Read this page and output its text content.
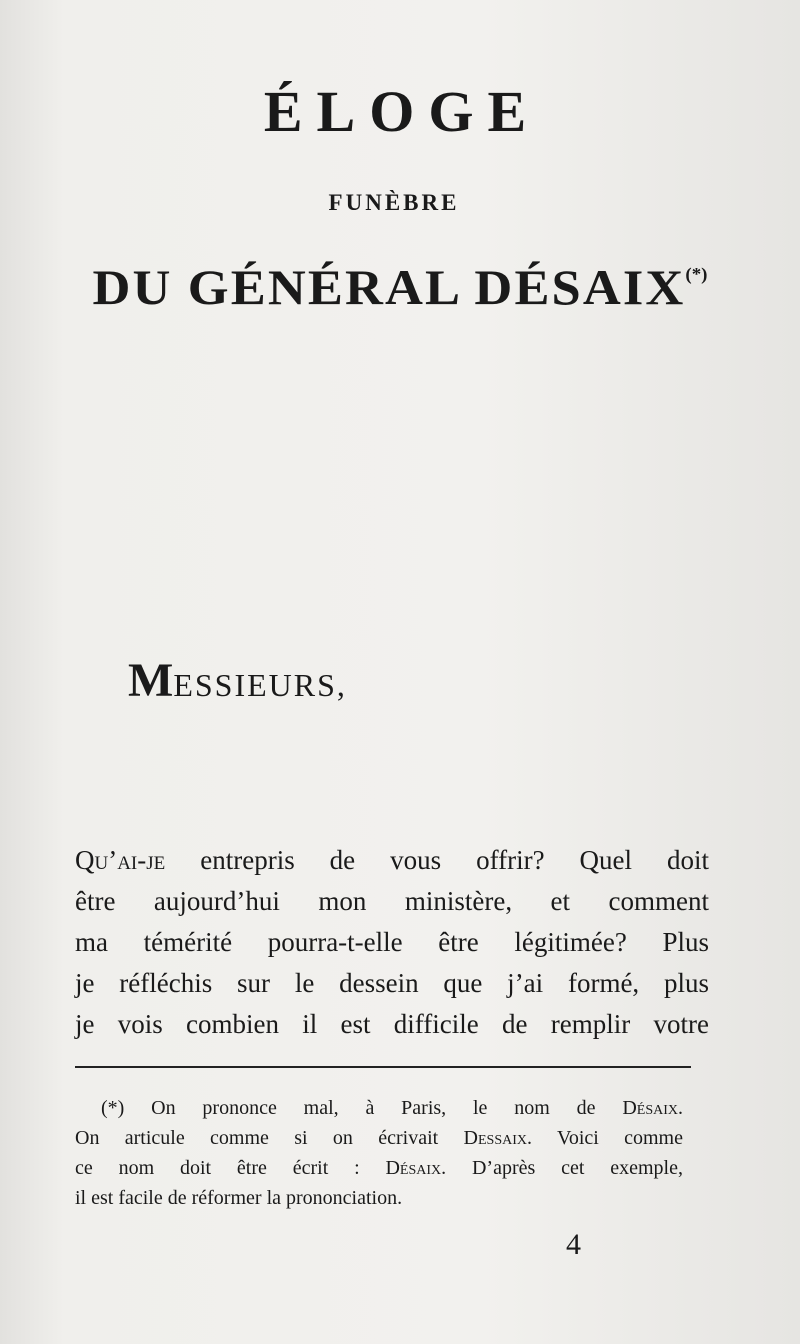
ÉLOGE
FUNÈBRE
DU GÉNÉRAL DÉSAIX(*)
MESSIEURS,
Qu’ai-je entrepris de vous offrir? Quel doit
être aujourd’hui mon ministère, et comment
ma témérité pourra-t-elle être légitimée? Plus
je réfléchis sur le dessein que j’ai formé, plus
je vois combien il est difficile de remplir votre
(*) On prononce mal, à Paris, le nom de Désaix.
On articule comme si on écrivait Dessaix. Voici comme
ce nom doit être écrit : Désaix. D’après cet exemple,
il est facile de réformer la prononciation.
4
